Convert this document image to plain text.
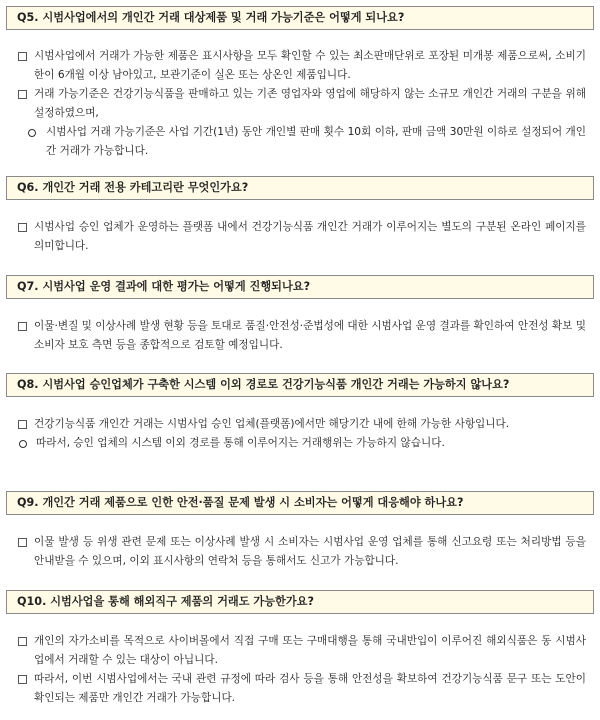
Q5. 시범사업에서의 개인간 거래 대상제품 및 거래 가능기준은 어떻게 되나요?
시범사업에서 거래가 가능한 제품은 표시사항을 모두 확인할 수 있는 최소판매단위로 포장된 미개봉 제품으로써, 소비기한이 6개월 이상 남아있고, 보관기준이 실온 또는 상온인 제품입니다.
거래 가능기준은 건강기능식품을 판매하고 있는 기존 영업자와 영업에 해당하지 않는 소규모 개인간 거래의 구분을 위해 설정하였으며,
시범사업 거래 가능기준은 사업 기간(1년) 동안 개인별 판매 횟수 10회 이하, 판매 금액 30만원 이하로 설정되어 개인간 거래가 가능합니다.
Q6. 개인간 거래 전용 카테고리란 무엇인가요?
시범사업 승인 업체가 운영하는 플랫폼 내에서 건강기능식품 개인간 거래가 이루어지는 별도의 구분된 온라인 페이지를 의미합니다.
Q7. 시범사업 운영 결과에 대한 평가는 어떻게 진행되나요?
이물·변질 및 이상사례 발생 현황 등을 토대로 품질·안전성·준법성에 대한 시범사업 운영 결과를 확인하여 안전성 확보 및 소비자 보호 측면 등을 종합적으로 검토할 예정입니다.
Q8. 시범사업 승인업체가 구축한 시스템 이외 경로로 건강기능식품 개인간 거래는 가능하지 않나요?
건강기능식품 개인간 거래는 시범사업 승인 업체(플랫폼)에서만 해당기간 내에 한해 가능한 사항입니다.
따라서, 승인 업체의 시스템 이외 경로를 통해 이루어지는 거래행위는 가능하지 않습니다.
Q9. 개인간 거래 제품으로 인한 안전·품질 문제 발생 시 소비자는 어떻게 대응해야 하나요?
이물 발생 등 위생 관련 문제 또는 이상사례 발생 시 소비자는 시범사업 운영 업체를 통해 신고요령 또는 처리방법 등을 안내받을 수 있으며, 이외 표시사항의 연락처 등을 통해서도 신고가 가능합니다.
Q10. 시범사업을 통해 해외직구 제품의 거래도 가능한가요?
개인의 자가소비를 목적으로 사이버몰에서 직접 구매 또는 구매대행을 통해 국내반입이 이루어진 해외식품은 동 시범사업에서 거래할 수 있는 대상이 아닙니다.
따라서, 이번 시범사업에서는 국내 관련 규정에 따라 검사 등을 통해 안전성을 확보하여 건강기능식품 문구 또는 도안이 확인되는 제품만 개인간 거래가 가능합니다.
